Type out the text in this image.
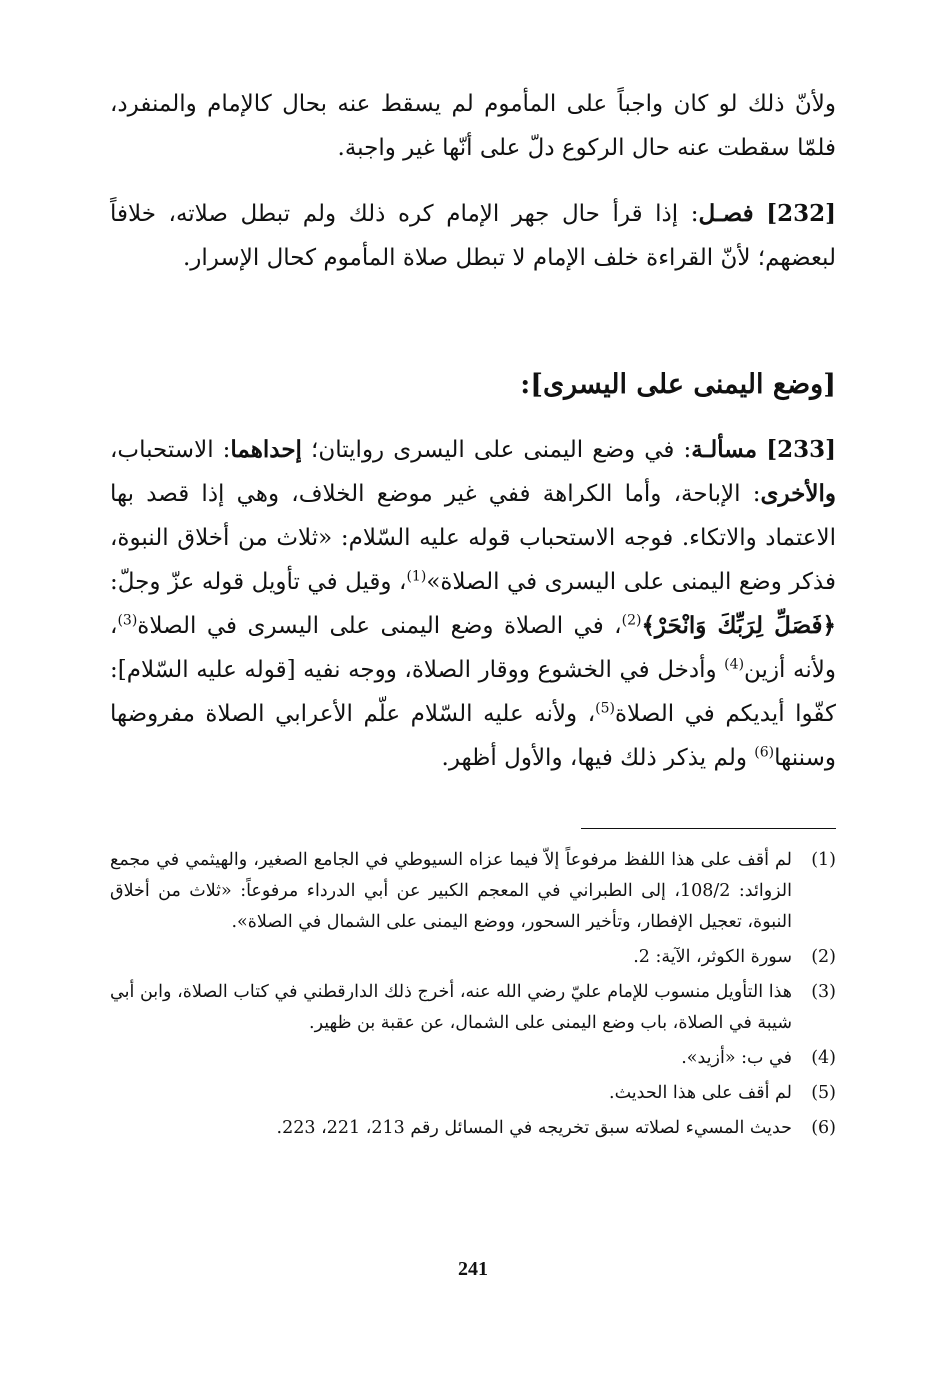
ولأنّ ذلك لو كان واجباً على المأموم لم يسقط عنه بحال كالإمام والمنفرد، فلمّا سقطت عنه حال الركوع دلّ على أنّها غير واجبة.

[232] فصـل: إذا قرأ حال جهر الإمام كره ذلك ولم تبطل صلاته، خلافاً لبعضهم؛ لأنّ القراءة خلف الإمام لا تبطل صلاة المأموم كحال الإسرار.

[وضع اليمنى على اليسرى]:

[233] مسألـة: في وضع اليمنى على اليسرى روايتان؛ إحداهما: الاستحباب، والأخرى: الإباحة، وأما الكراهة ففي غير موضع الخلاف، وهي إذا قصد بها الاعتماد والاتكاء. فوجه الاستحباب قوله عليه السّلام: «ثلاث من أخلاق النبوة، فذكر وضع اليمنى على اليسرى في الصلاة»$^{(1)}$، وقيل في تأويل قوله عزّ وجلّ: ﴿فَصَلِّ لِرَبِّكَ وَانْحَرْ﴾$^{(2)}$، في الصلاة وضع اليمنى على اليسرى في الصلاة$^{(3)}$، ولأنه أزين$^{(4)}$ وأدخل في الخشوع ووقار الصلاة، ووجه نفيه [قوله عليه السّلام]: كفّوا أيديكم في الصلاة$^{(5)}$، ولأنه عليه السّلام علّم الأعرابي الصلاة مفروضها وسننها$^{(6)}$ ولم يذكر ذلك فيها، والأول أظهر.

(1)
لم أقف على هذا اللفظ مرفوعاً إلاّ فيما عزاه السيوطي في الجامع الصغير، والهيثمي في مجمع الزوائد: 108/2، إلى الطبراني في المعجم الكبير عن أبي الدرداء مرفوعاً: «ثلاث من أخلاق النبوة، تعجيل الإفطار، وتأخير السحور، ووضع اليمنى على الشمال في الصلاة».
(2)
سورة الكوثر، الآية: 2.
(3)
هذا التأويل منسوب للإمام عليّ رضي الله عنه، أخرج ذلك الدارقطني في كتاب الصلاة، وابن أبي شيبة في الصلاة، باب وضع اليمنى على الشمال، عن عقبة بن ظهير.
(4)
في ب: «أزيد».
(5)
لم أقف على هذا الحديث.
(6)
حديث المسيء لصلاته سبق تخريجه في المسائل رقم 213، 221، 223.
241
